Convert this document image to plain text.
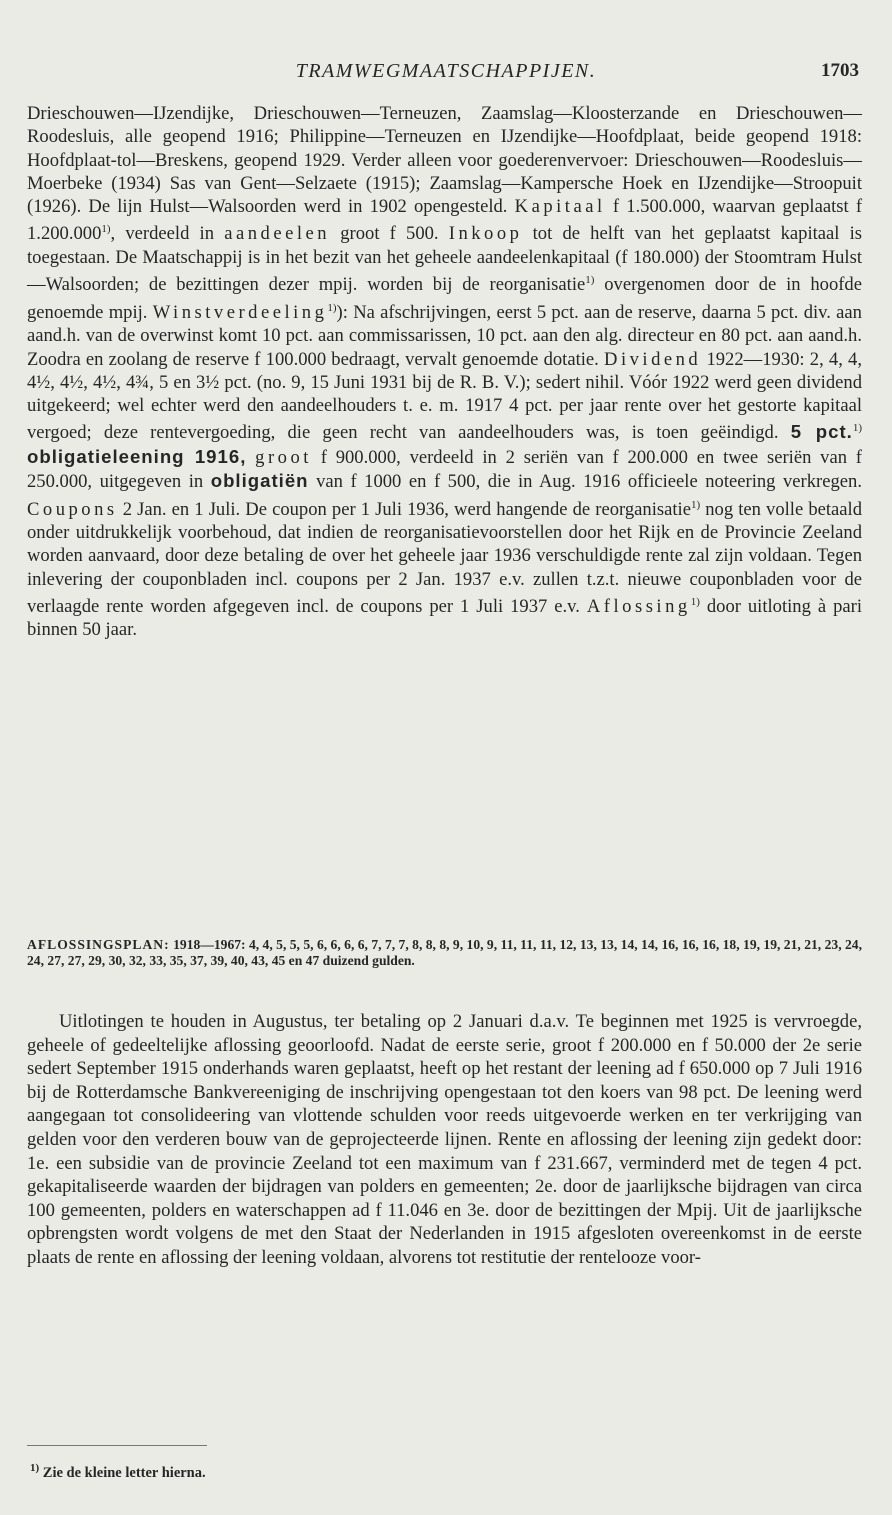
TRAMWEGMAATSCHAPPIJEN.	1703

Drieschouwen—IJzendijke, Drieschouwen—Terneuzen, Zaamslag—Kloosterzande en Drieschouwen—Roodesluis, alle geopend 1916; Philippine—Terneuzen en IJzendijke—Hoofdplaat, beide geopend 1918: Hoofdplaat-tol—Breskens, geopend 1929. Verder alleen voor goederenvervoer: Drieschouwen—Roodesluis—Moerbeke (1934) Sas van Gent—Selzaete (1915); Zaamslag—Kampersche Hoek en IJzendijke—Stroopuit (1926). De lijn Hulst—Walsoorden werd in 1902 opengesteld. Kapitaal f 1.500.000, waarvan geplaatst f 1.200.000$^{1)}$, verdeeld in aandeelen groot f 500. Inkoop tot de helft van het geplaatst kapitaal is toegestaan. De Maatschappij is in het bezit van het geheele aandeelenkapitaal (f 180.000) der Stoomtram Hulst—Walsoorden; de bezittingen dezer mpij. worden bij de reorganisatie$^{1)}$ overgenomen door de in hoofde genoemde mpij. Winstverdeeling$^{1)}$): Na afschrijvingen, eerst 5 pct. aan de reserve, daarna 5 pct. div. aan aand.h. van de overwinst komt 10 pct. aan commissarissen, 10 pct. aan den alg. directeur en 80 pct. aan aand.h. Zoodra en zoolang de reserve f 100.000 bedraagt, vervalt genoemde dotatie. Dividend 1922—1930: 2, 4, 4, 4½, 4½, 4½, 4¾, 5 en 3½ pct. (no. 9, 15 Juni 1931 bij de R. B. V.); sedert nihil. Vóór 1922 werd geen dividend uitgekeerd; wel echter werd den aandeelhouders t. e. m. 1917 4 pct. per jaar rente over het gestorte kapitaal vergoed; deze rentevergoeding, die geen recht van aandeelhouders was, is toen geëindigd. 5 pct.$^{1)}$ obligatieleening 1916, groot f 900.000, verdeeld in 2 seriën van f 200.000 en twee seriën van f 250.000, uitgegeven in obligatiën van f 1000 en f 500, die in Aug. 1916 officieele noteering verkregen. Coupons 2 Jan. en 1 Juli. De coupon per 1 Juli 1936, werd hangende de reorganisatie$^{1)}$ nog ten volle betaald onder uitdrukkelijk voorbehoud, dat indien de reorganisatievoorstellen door het Rijk en de Provincie Zeeland worden aanvaard, door deze betaling de over het geheele jaar 1936 verschuldigde rente zal zijn voldaan. Tegen inlevering der couponbladen incl. coupons per 2 Jan. 1937 e.v. zullen t.z.t. nieuwe couponbladen voor de verlaagde rente worden afgegeven incl. de coupons per 1 Juli 1937 e.v. Aflossing$^{1)}$ door uitloting à pari binnen 50 jaar.

AFLOSSINGSPLAN: 1918—1967: 4, 4, 5, 5, 5, 6, 6, 6, 6, 7, 7, 7, 8, 8, 8, 9, 10, 9, 11, 11, 11, 12, 13, 13, 14, 14, 16, 16, 16, 18, 19, 19, 21, 21, 23, 24, 24, 27, 27, 29, 30, 32, 33, 35, 37, 39, 40, 43, 45 en 47 duizend gulden.

Uitlotingen te houden in Augustus, ter betaling op 2 Januari d.a.v. Te beginnen met 1925 is vervroegde, geheele of gedeeltelijke aflossing geoorloofd. Nadat de eerste serie, groot f 200.000 en f 50.000 der 2e serie sedert September 1915 onderhands waren geplaatst, heeft op het restant der leening ad f 650.000 op 7 Juli 1916 bij de Rotterdamsche Bankvereeniging de inschrijving opengestaan tot den koers van 98 pct. De leening werd aangegaan tot consolideering van vlottende schulden voor reeds uitgevoerde werken en ter verkrijging van gelden voor den verderen bouw van de geprojecteerde lijnen. Rente en aflossing der leening zijn gedekt door: 1e. een subsidie van de provincie Zeeland tot een maximum van f 231.667, verminderd met de tegen 4 pct. gekapitaliseerde waarden der bijdragen van polders en gemeenten; 2e. door de jaarlijksche bijdragen van circa 100 gemeenten, polders en waterschappen ad f 11.046 en 3e. door de bezittingen der Mpij. Uit de jaarlijksche opbrengsten wordt volgens de met den Staat der Nederlanden in 1915 afgesloten overeenkomst in de eerste plaats de rente en aflossing der leening voldaan, alvorens tot restitutie der rentelooze voor-

$^{1)}$ Zie de kleine letter hierna.
